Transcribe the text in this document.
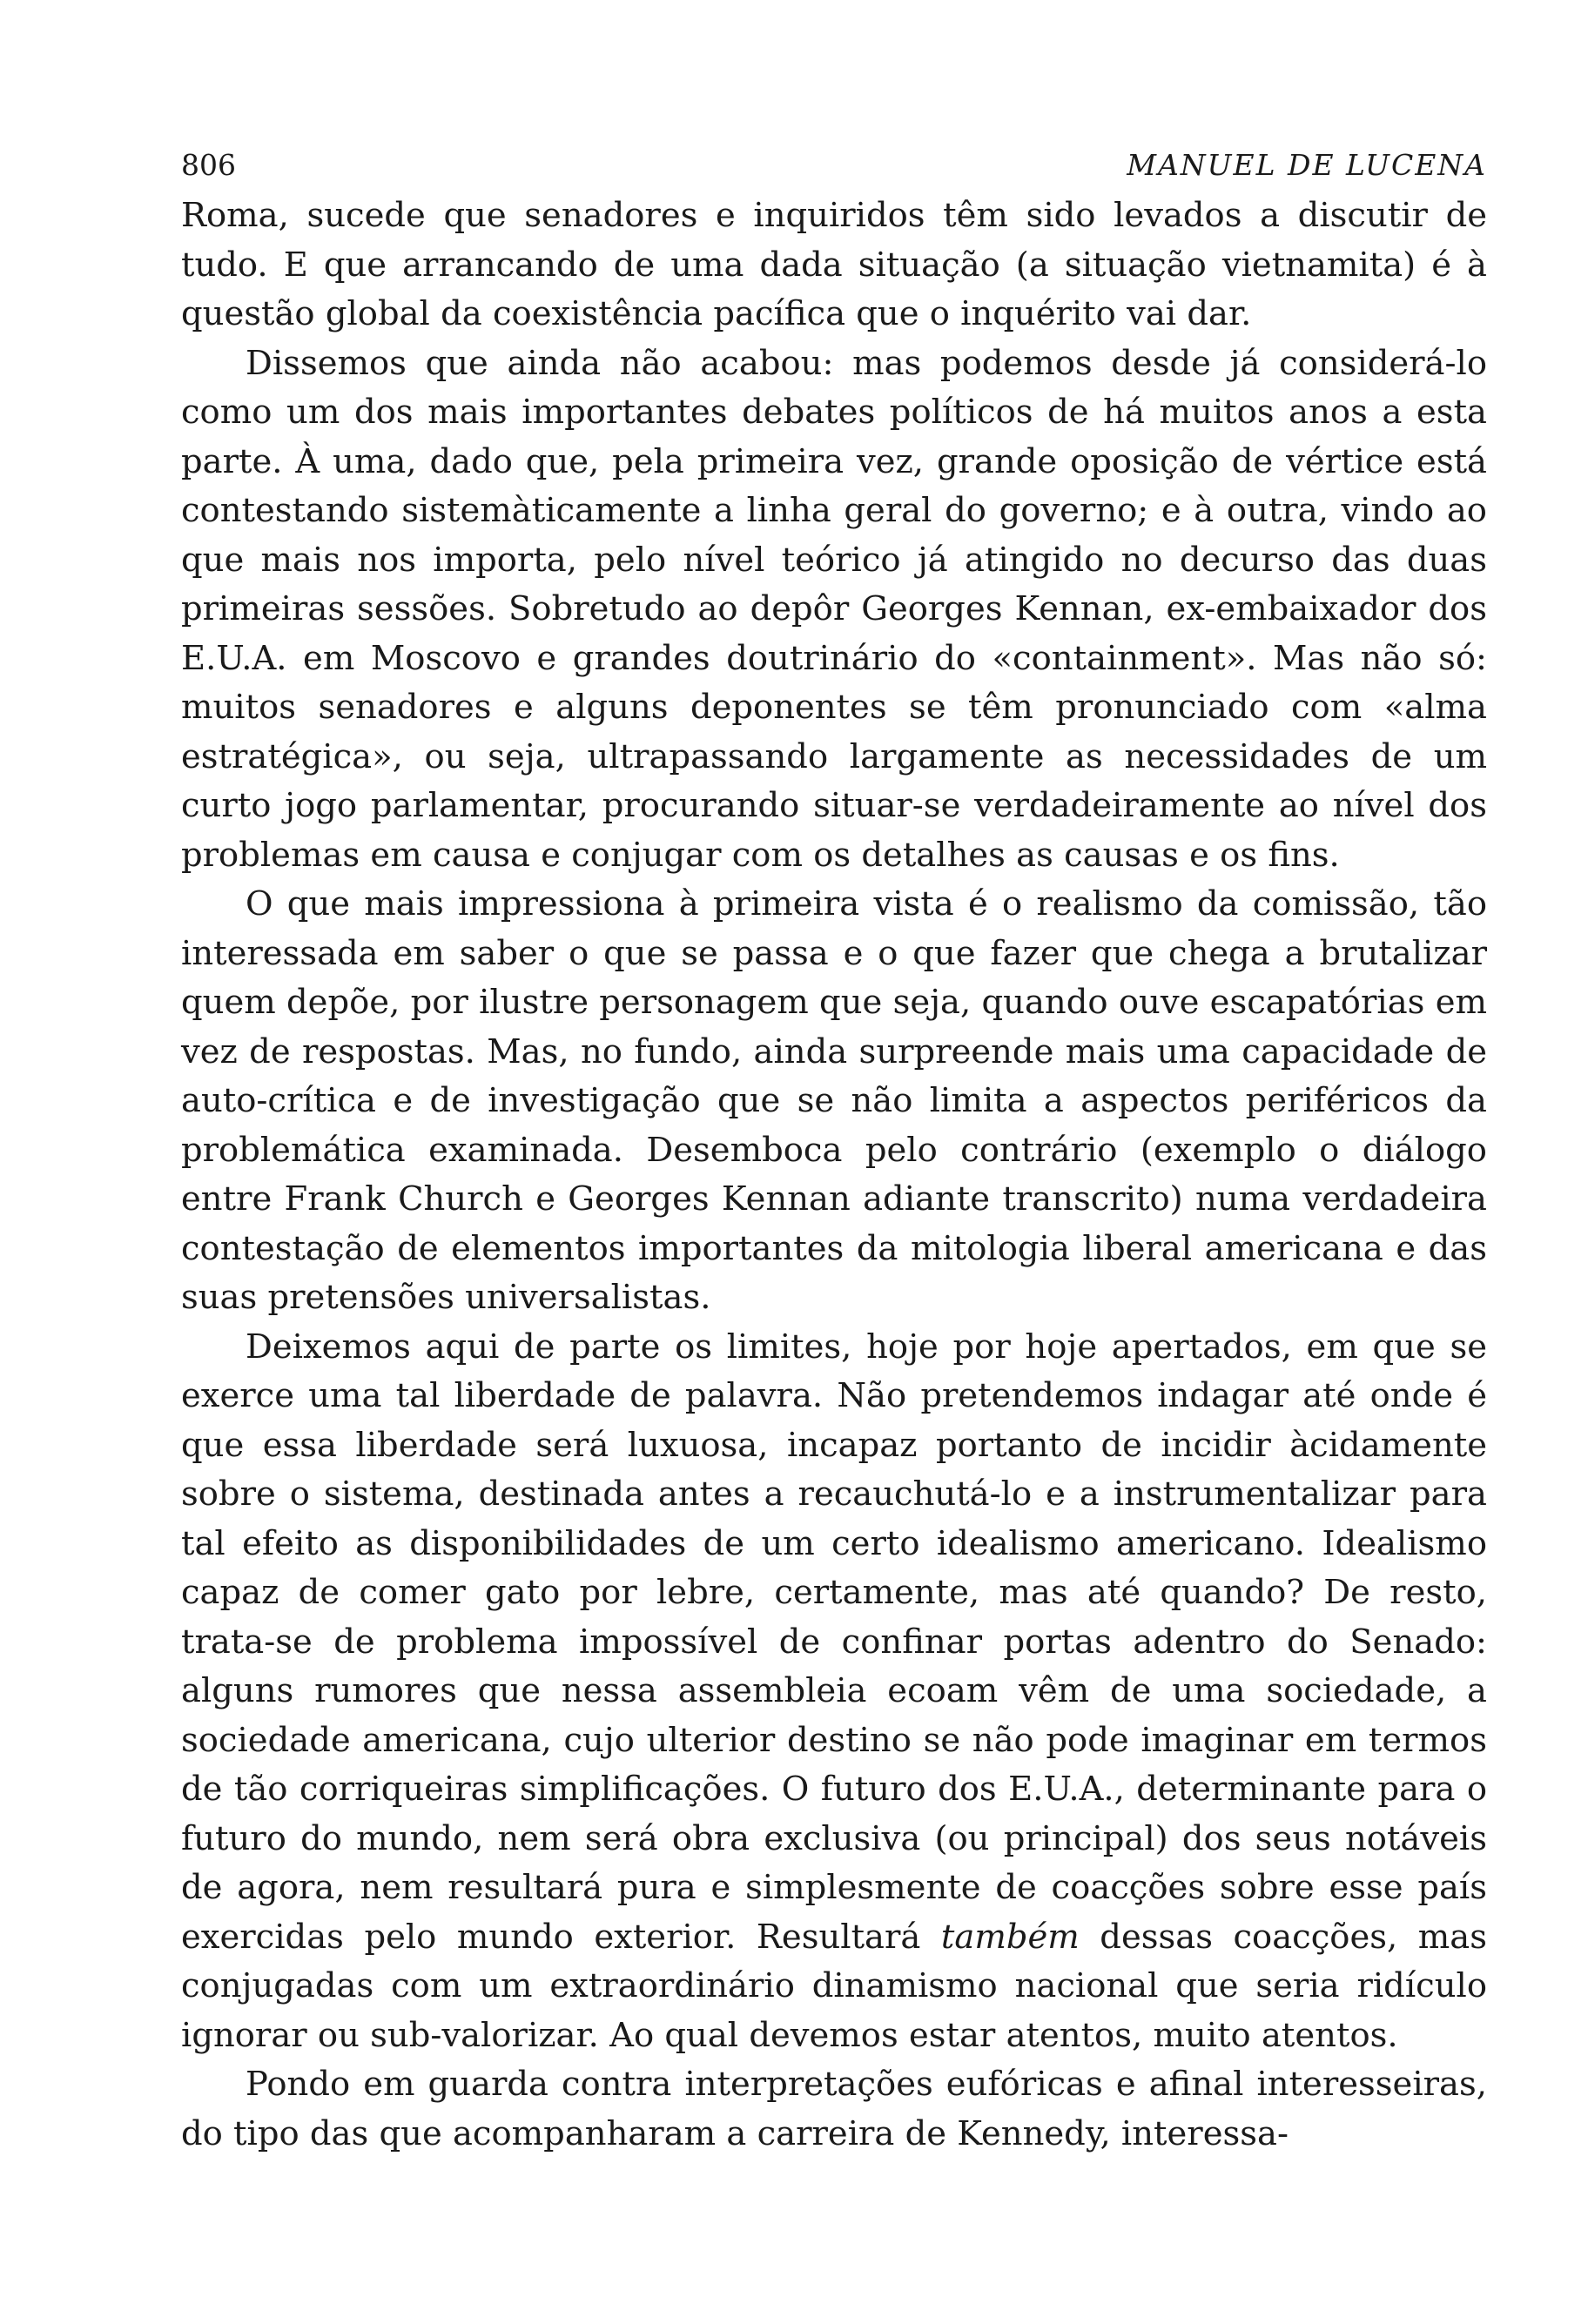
806	MANUEL DE LUCENA

Roma, sucede que senadores e inquiridos têm sido levados a discutir de tudo. E que arrancando de uma dada situação (a situação vietnamita) é à questão global da coexistência pacífica que o inquérito vai dar.

Dissemos que ainda não acabou: mas podemos desde já considerá-lo como um dos mais importantes debates políticos de há muitos anos a esta parte. À uma, dado que, pela primeira vez, grande oposição de vértice está contestando sistemàticamente a linha geral do governo; e à outra, vindo ao que mais nos importa, pelo nível teórico já atingido no decurso das duas primeiras sessões. Sobretudo ao depôr Georges Kennan, ex-embaixador dos E.U.A. em Moscovo e grandes doutrinário do «containment». Mas não só: muitos senadores e alguns deponentes se têm pronunciado com «alma estratégica», ou seja, ultrapassando largamente as necessidades de um curto jogo parlamentar, procurando situar-se verdadeiramente ao nível dos problemas em causa e conjugar com os detalhes as causas e os fins.

O que mais impressiona à primeira vista é o realismo da comissão, tão interessada em saber o que se passa e o que fazer que chega a brutalizar quem depõe, por ilustre personagem que seja, quando ouve escapatórias em vez de respostas. Mas, no fundo, ainda surpreende mais uma capacidade de auto-crítica e de investigação que se não limita a aspectos periféricos da problemática examinada. Desemboca pelo contrário (exemplo o diálogo entre Frank Church e Georges Kennan adiante transcrito) numa verdadeira contestação de elementos importantes da mitologia liberal americana e das suas pretensões universalistas.

Deixemos aqui de parte os limites, hoje por hoje apertados, em que se exerce uma tal liberdade de palavra. Não pretendemos indagar até onde é que essa liberdade será luxuosa, incapaz portanto de incidir àcidamente sobre o sistema, destinada antes a recauchutá-lo e a instrumentalizar para tal efeito as disponibilidades de um certo idealismo americano. Idealismo capaz de comer gato por lebre, certamente, mas até quando? De resto, trata-se de problema impossível de confinar portas adentro do Senado: alguns rumores que nessa assembleia ecoam vêm de uma sociedade, a sociedade americana, cujo ulterior destino se não pode imaginar em termos de tão corriqueiras simplificações. O futuro dos E.U.A., determinante para o futuro do mundo, nem será obra exclusiva (ou principal) dos seus notáveis de agora, nem resultará pura e simplesmente de coacções sobre esse país exercidas pelo mundo exterior. Resultará também dessas coacções, mas conjugadas com um extraordinário dinamismo nacional que seria ridículo ignorar ou sub-valorizar. Ao qual devemos estar atentos, muito atentos.

Pondo em guarda contra interpretações eufóricas e afinal interesseiras, do tipo das que acompanharam a carreira de Kennedy, interessa-
